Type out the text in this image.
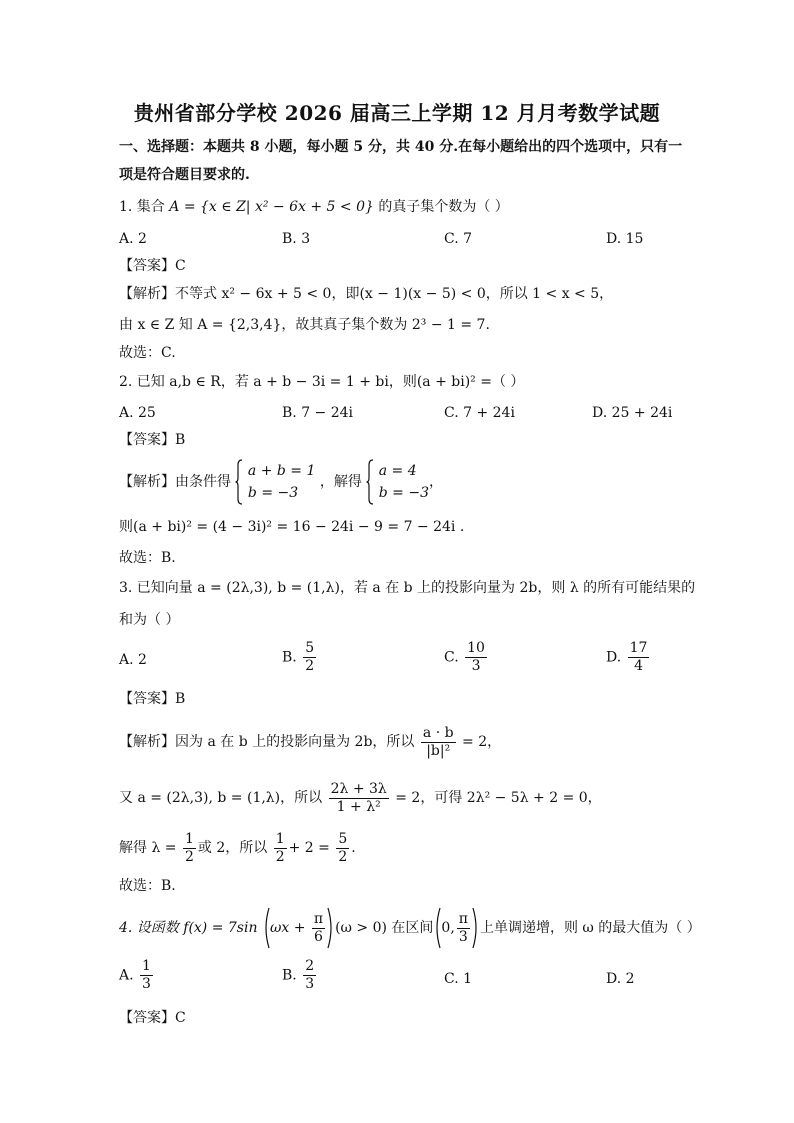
贵州省部分学校 2026 届高三上学期 12 月月考数学试题
一、选择题：本题共 8 小题，每小题 5 分，共 40 分.在每小题给出的四个选项中，只有一
项是符合题目要求的.
1. 集合 A = {x ∈ Z| x² − 6x + 5 < 0} 的真子集个数为（ ）
A. 2	B. 3	C. 7	D. 15
【答案】C
【解析】不等式 x² − 6x + 5 < 0，即(x − 1)(x − 5) < 0，所以 1 < x < 5，
由 x ∈ Z 知 A = {2,3,4}，故其真子集个数为 2³ − 1 = 7.
故选：C.
2. 已知 a,b ∈ R，若 a + b − 3i = 1 + bi，则(a + bi)² =（ ）
A. 25	B. 7 − 24i	C. 7 + 24i	D. 25 + 24i
【答案】B
【解析】由条件得
a + b = 1
b = −3
，解得
a = 4
b = −3
，
则(a + bi)² = (4 − 3i)² = 16 − 24i − 9 = 7 − 24i .
故选：B.
3. 已知向量 a = (2λ,3), b = (1,λ)，若 a 在 b 上的投影向量为 2b，则 λ 的所有可能结果的
和为（ ）
A. 2	B. $\frac{5}{2}$	C. $\frac{10}{3}$	D. $\frac{17}{4}$
【答案】B
【解析】因为 a 在 b 上的投影向量为 2b，所以 $\frac{a \cdot b}{\text{|b|²}} = 2$，
又 a = (2λ,3), b = (1,λ)，所以 $\frac{2\lambda + 3\lambda}{\text{1 + λ²}} = 2$，可得 2λ² − 5λ + 2 = 0，
解得 $\lambda = \frac{1}{2}$ 或 2，所以 $\frac{1}{2} + 2 = \frac{5}{2}$ .
故选：B.
4. 设函数 f(x) = 7sin $\omega x + \frac{\pi}{6} (\omega > 0)$ 在区间 0, $\frac{\pi}{3}$ 上单调递增，则 ω 的最大值为（ ）
A. $\frac{1}{3}$	B. $\frac{2}{3}$	C. 1	D. 2
【答案】C
